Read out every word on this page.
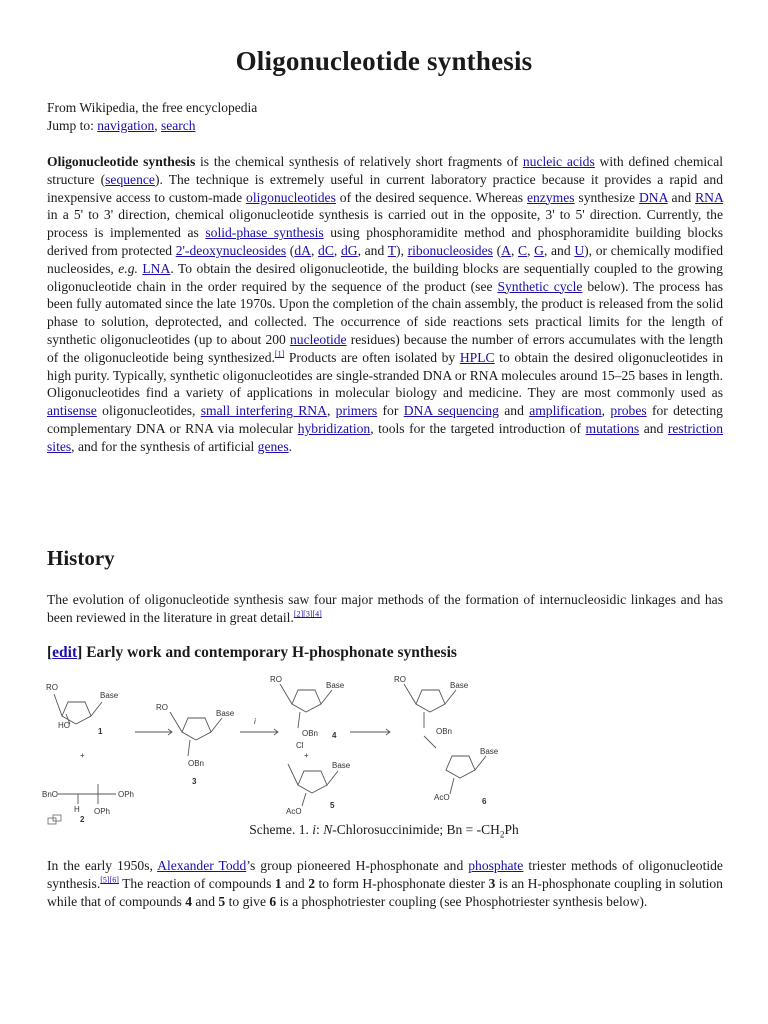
Oligonucleotide synthesis
From Wikipedia, the free encyclopedia
Jump to: navigation, search

Oligonucleotide synthesis is the chemical synthesis of relatively short fragments of nucleic acids with defined chemical structure (sequence). The technique is extremely useful in current laboratory practice because it provides a rapid and inexpensive access to custom-made oligonucleotides of the desired sequence. Whereas enzymes synthesize DNA and RNA in a 5' to 3' direction, chemical oligonucleotide synthesis is carried out in the opposite, 3' to 5' direction. Currently, the process is implemented as solid-phase synthesis using phosphoramidite method and phosphoramidite building blocks derived from protected 2'-deoxynucleosides (dA, dC, dG, and T), ribonucleosides (A, C, G, and U), or chemically modified nucleosides, e.g. LNA. To obtain the desired oligonucleotide, the building blocks are sequentially coupled to the growing oligonucleotide chain in the order required by the sequence of the product (see Synthetic cycle below). The process has been fully automated since the late 1970s. Upon the completion of the chain assembly, the product is released from the solid phase to solution, deprotected, and collected. The occurrence of side reactions sets practical limits for the length of synthetic oligonucleotides (up to about 200 nucleotide residues) because the number of errors accumulates with the length of the oligonucleotide being synthesized.[1] Products are often isolated by HPLC to obtain the desired oligonucleotides in high purity. Typically, synthetic oligonucleotides are single-stranded DNA or RNA molecules around 15–25 bases in length. Oligonucleotides find a variety of applications in molecular biology and medicine. They are most commonly used as antisense oligonucleotides, small interfering RNA, primers for DNA sequencing and amplification, probes for detecting complementary DNA or RNA via molecular hybridization, tools for the targeted introduction of mutations and restriction sites, and for the synthesis of artificial genes.

History

The evolution of oligonucleotide synthesis saw four major methods of the formation of internucleosidic linkages and has been reviewed in the literature in great detail.[2][3][4]

[edit] Early work and contemporary H-phosphonate synthesis
RO
Base
HO
1
+
BnO
H
OPh
OPh
2
RO
Base
OBn
3
i
RO
Base
OBn
Cl
4
+
Base
AcO
5
RO
Base
OBn
Base
AcO	6
Scheme. 1. i: N-Chlorosuccinimide; $Bn = -CH_2Ph$

In the early 1950s, Alexander Todd’s group pioneered H-phosphonate and phosphate triester methods of oligonucleotide synthesis.[5][6] The reaction of compounds 1 and 2 to form H-phosphonate diester 3 is an H-phosphonate coupling in solution while that of compounds 4 and 5 to give 6 is a phosphotriester coupling (see Phosphotriester synthesis below).
